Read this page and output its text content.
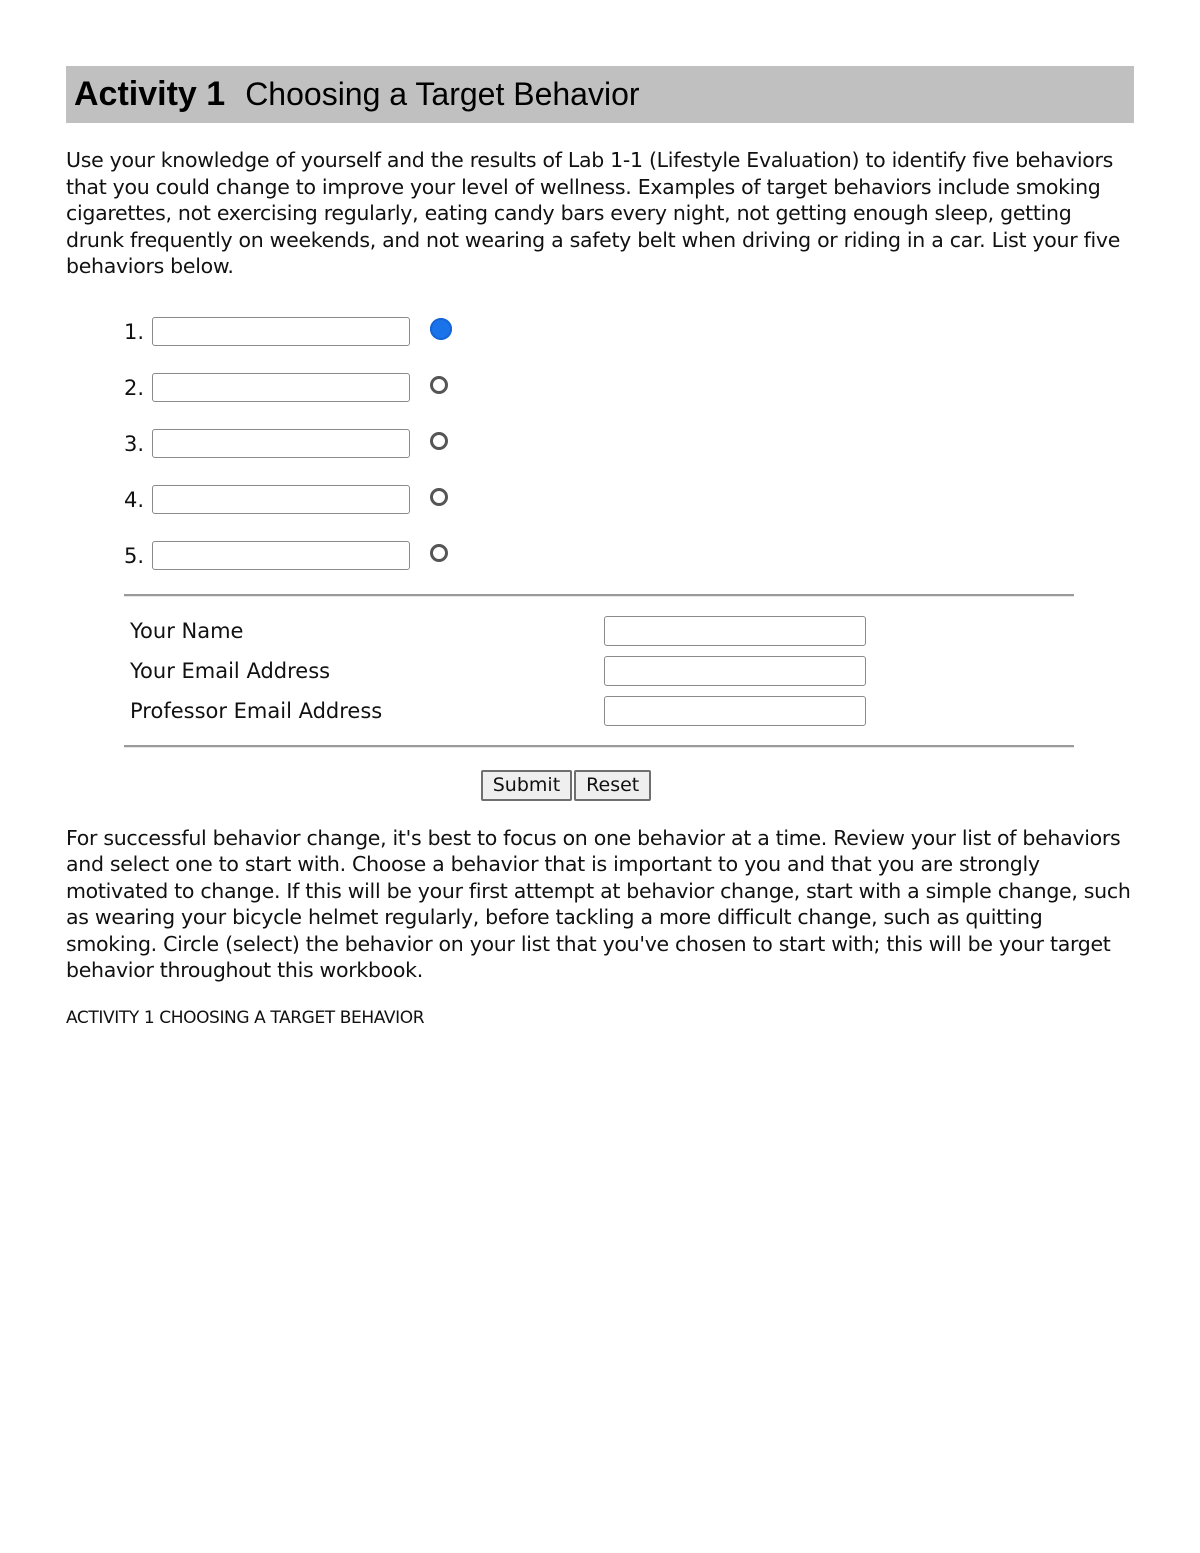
Activity 1 Choosing a Target Behavior

Use your knowledge of yourself and the results of Lab 1-1 (Lifestyle Evaluation) to identify five behaviors that you could change to improve your level of wellness. Examples of target behaviors include smoking cigarettes, not exercising regularly, eating candy bars every night, not getting enough sleep, getting drunk frequently on weekends, and not wearing a safety belt when driving or riding in a car. List your five behaviors below.

1.
2.
3.
4.
5.
Your Name
Your Email Address
Professor Email Address
Submit	Reset

For successful behavior change, it's best to focus on one behavior at a time. Review your list of behaviors and select one to start with. Choose a behavior that is important to you and that you are strongly motivated to change. If this will be your first attempt at behavior change, start with a simple change, such as wearing your bicycle helmet regularly, before tackling a more difficult change, such as quitting smoking. Circle (select) the behavior on your list that you've chosen to start with; this will be your target behavior throughout this workbook.

ACTIVITY 1 CHOOSING A TARGET BEHAVIOR
